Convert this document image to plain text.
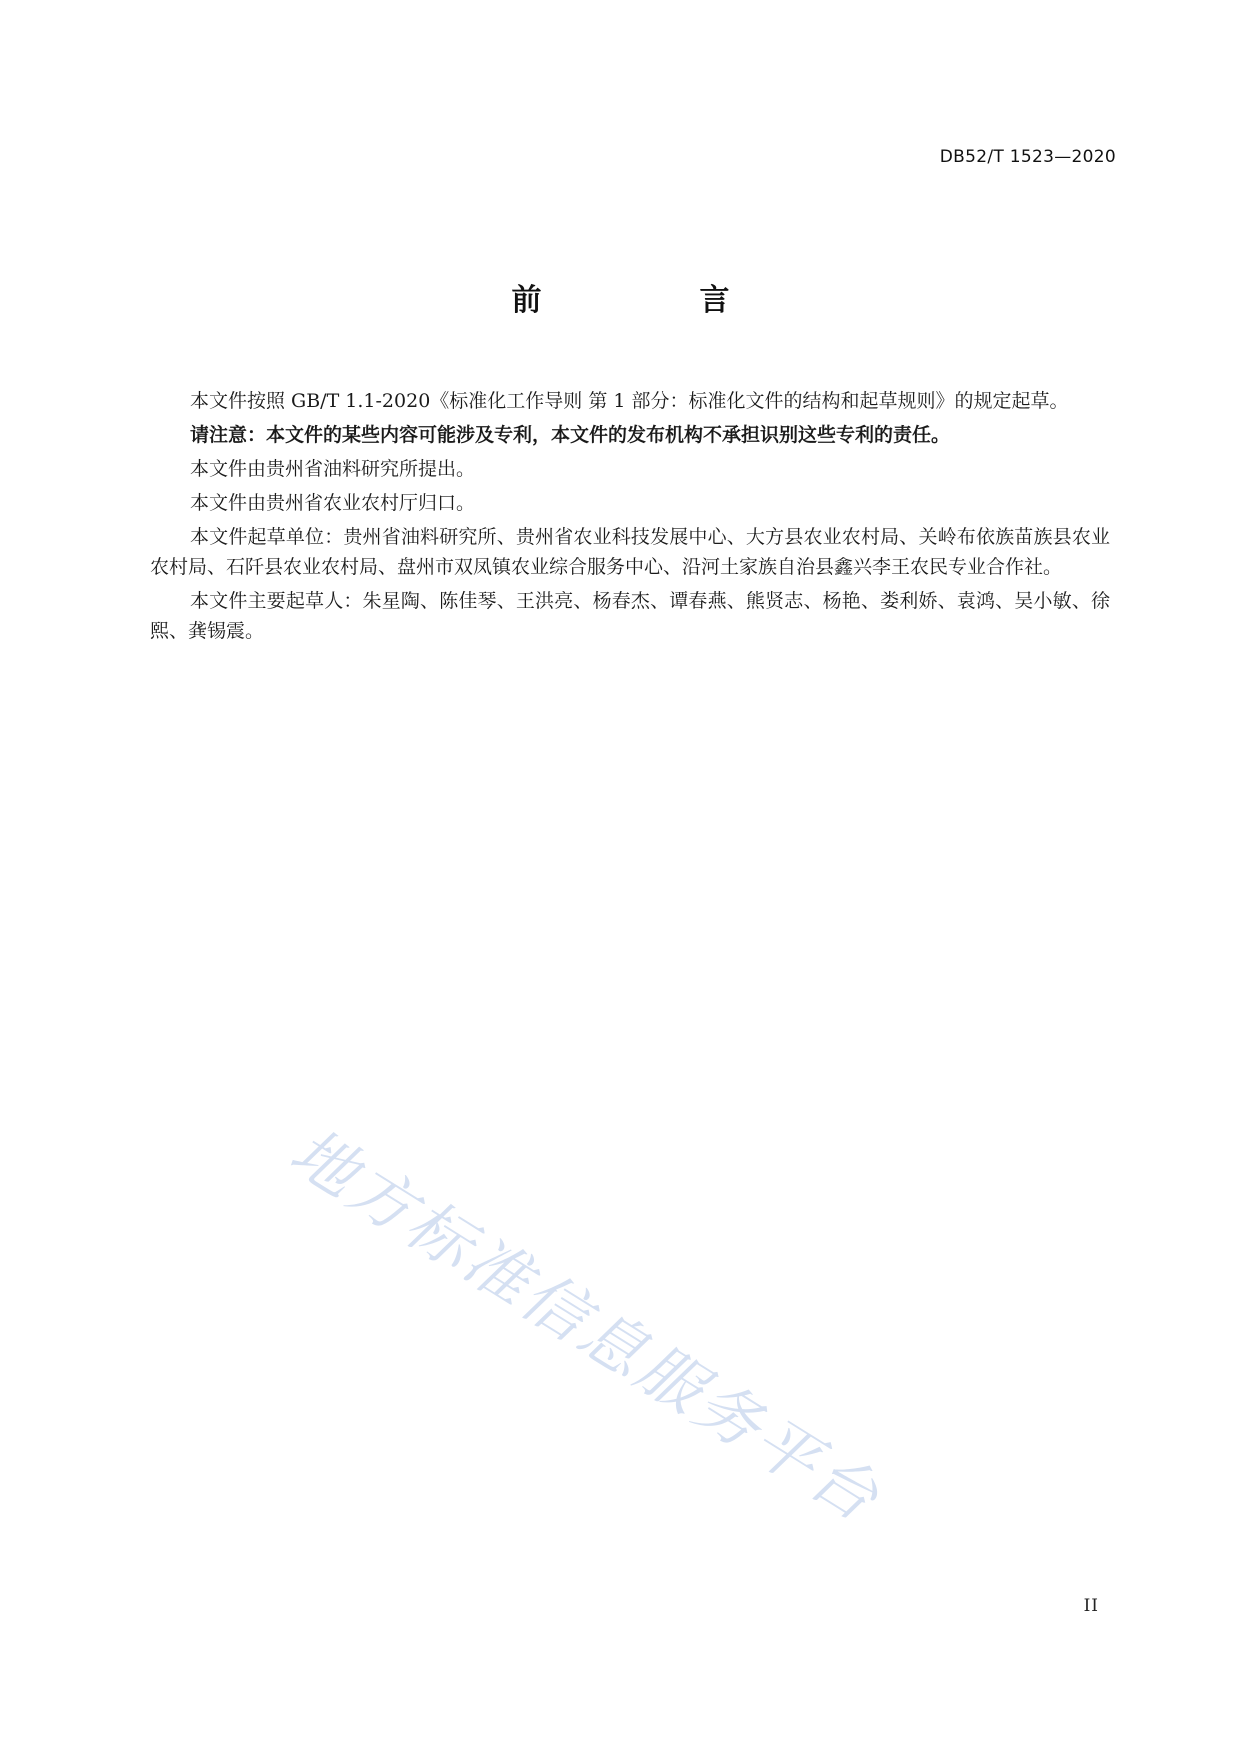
DB52/T 1523—2020
前　言

本文件按照 GB/T 1.1-2020《标准化工作导则 第 1 部分：标准化文件的结构和起草规则》的规定起草。

请注意：本文件的某些内容可能涉及专利，本文件的发布机构不承担识别这些专利的责任。

本文件由贵州省油料研究所提出。

本文件由贵州省农业农村厅归口。

本文件起草单位：贵州省油料研究所、贵州省农业科技发展中心、大方县农业农村局、关岭布依族苗族县农业农村局、石阡县农业农村局、盘州市双凤镇农业综合服务中心、沿河土家族自治县鑫兴李王农民专业合作社。

本文件主要起草人：朱星陶、陈佳琴、王洪亮、杨春杰、谭春燕、熊贤志、杨艳、娄利娇、袁鸿、吴小敏、徐熙、龚锡震。

地方标准信息服务平台
II
